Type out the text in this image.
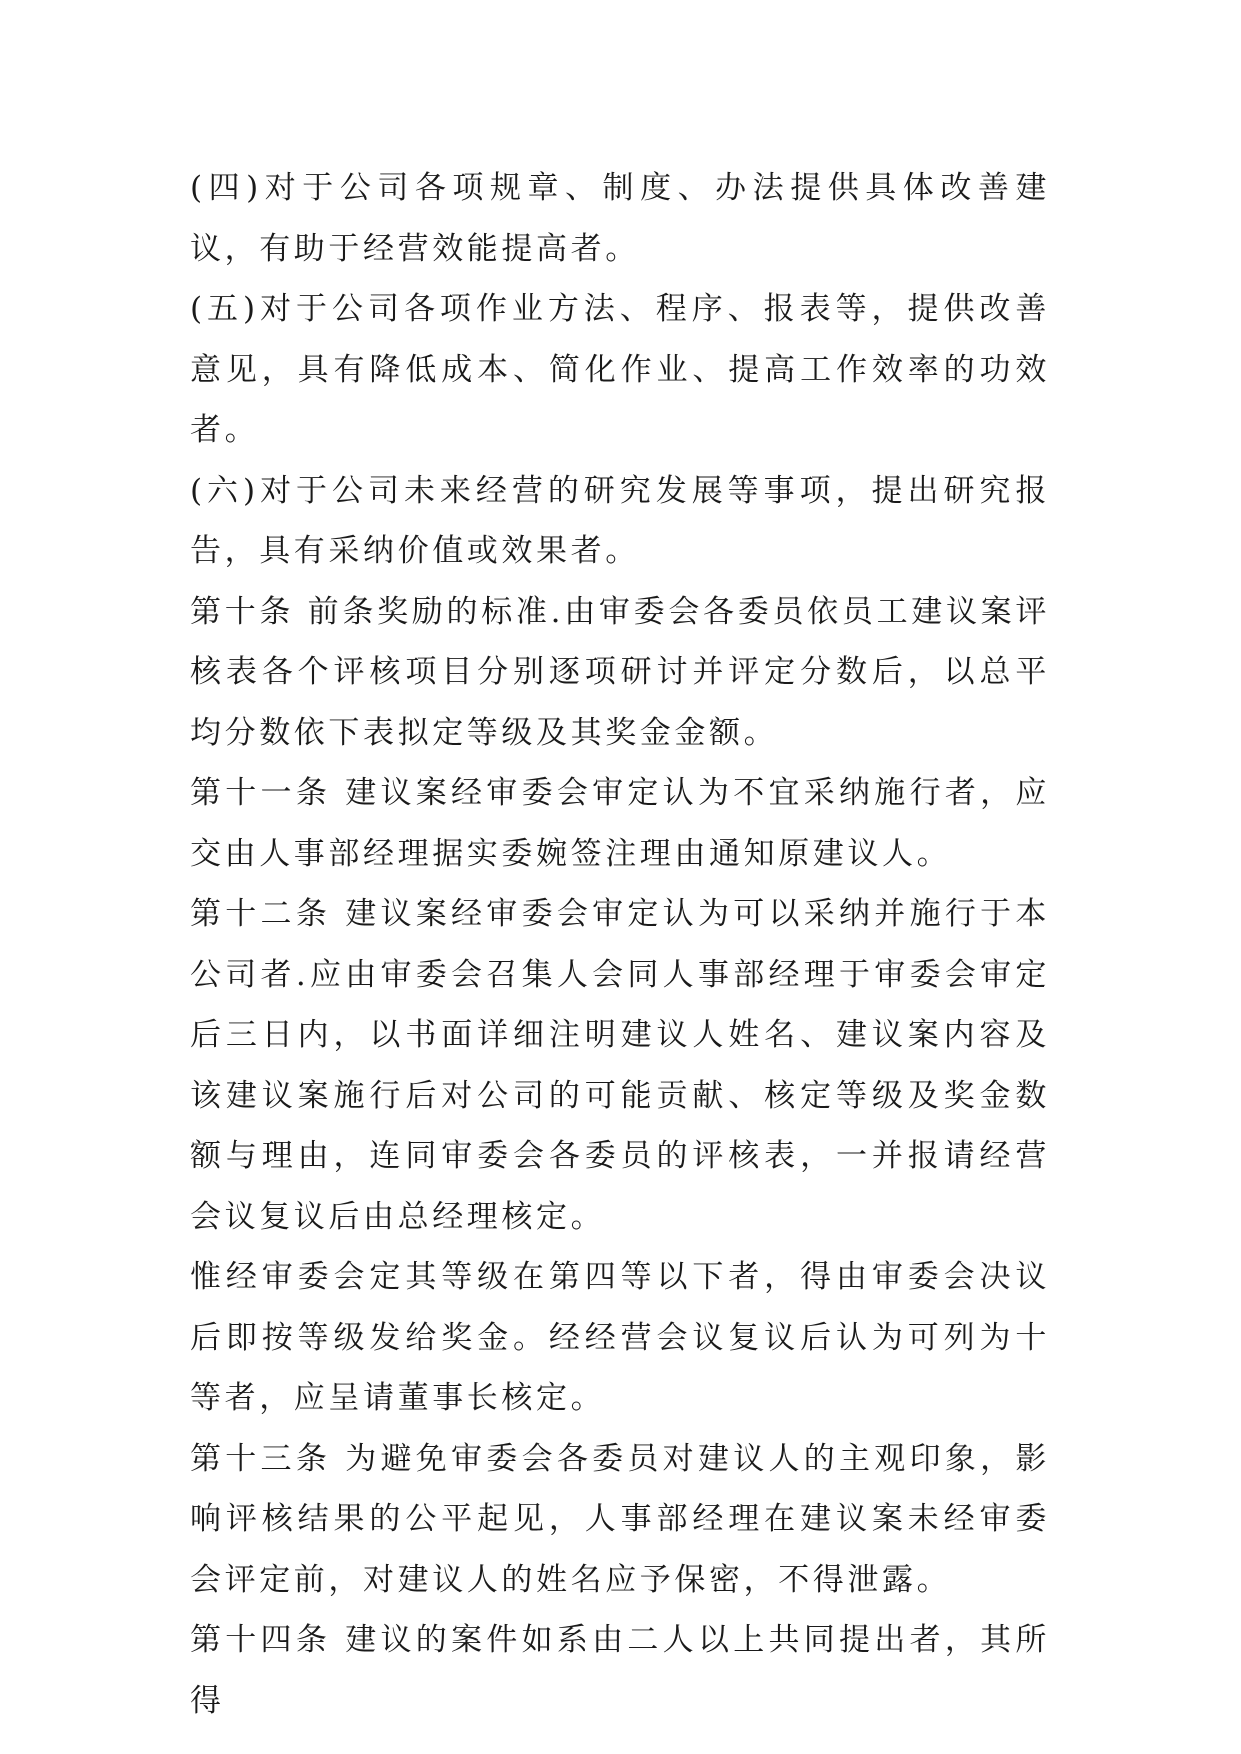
(四)对于公司各项规章、制度、办法提供具体改善建议，有助于经营效能提高者。

(五)对于公司各项作业方法、程序、报表等，提供改善意见，具有降低成本、简化作业、提高工作效率的功效者。

(六)对于公司未来经营的研究发展等事项，提出研究报告，具有采纳价值或效果者。

第十条 前条奖励的标准.由审委会各委员依员工建议案评核表各个评核项目分别逐项研讨并评定分数后，以总平均分数依下表拟定等级及其奖金金额。

第十一条 建议案经审委会审定认为不宜采纳施行者，应交由人事部经理据实委婉签注理由通知原建议人。

第十二条 建议案经审委会审定认为可以采纳并施行于本公司者.应由审委会召集人会同人事部经理于审委会审定后三日内，以书面详细注明建议人姓名、建议案内容及该建议案施行后对公司的可能贡献、核定等级及奖金数额与理由，连同审委会各委员的评核表，一并报请经营会议复议后由总经理核定。

惟经审委会定其等级在第四等以下者，得由审委会决议后即按等级发给奖金。经经营会议复议后认为可列为十等者，应呈请董事长核定。

第十三条 为避免审委会各委员对建议人的主观印象，影响评核结果的公平起见，人事部经理在建议案未经审委会评定前，对建议人的姓名应予保密，不得泄露。

第十四条 建议的案件如系由二人以上共同提出者，其所得
